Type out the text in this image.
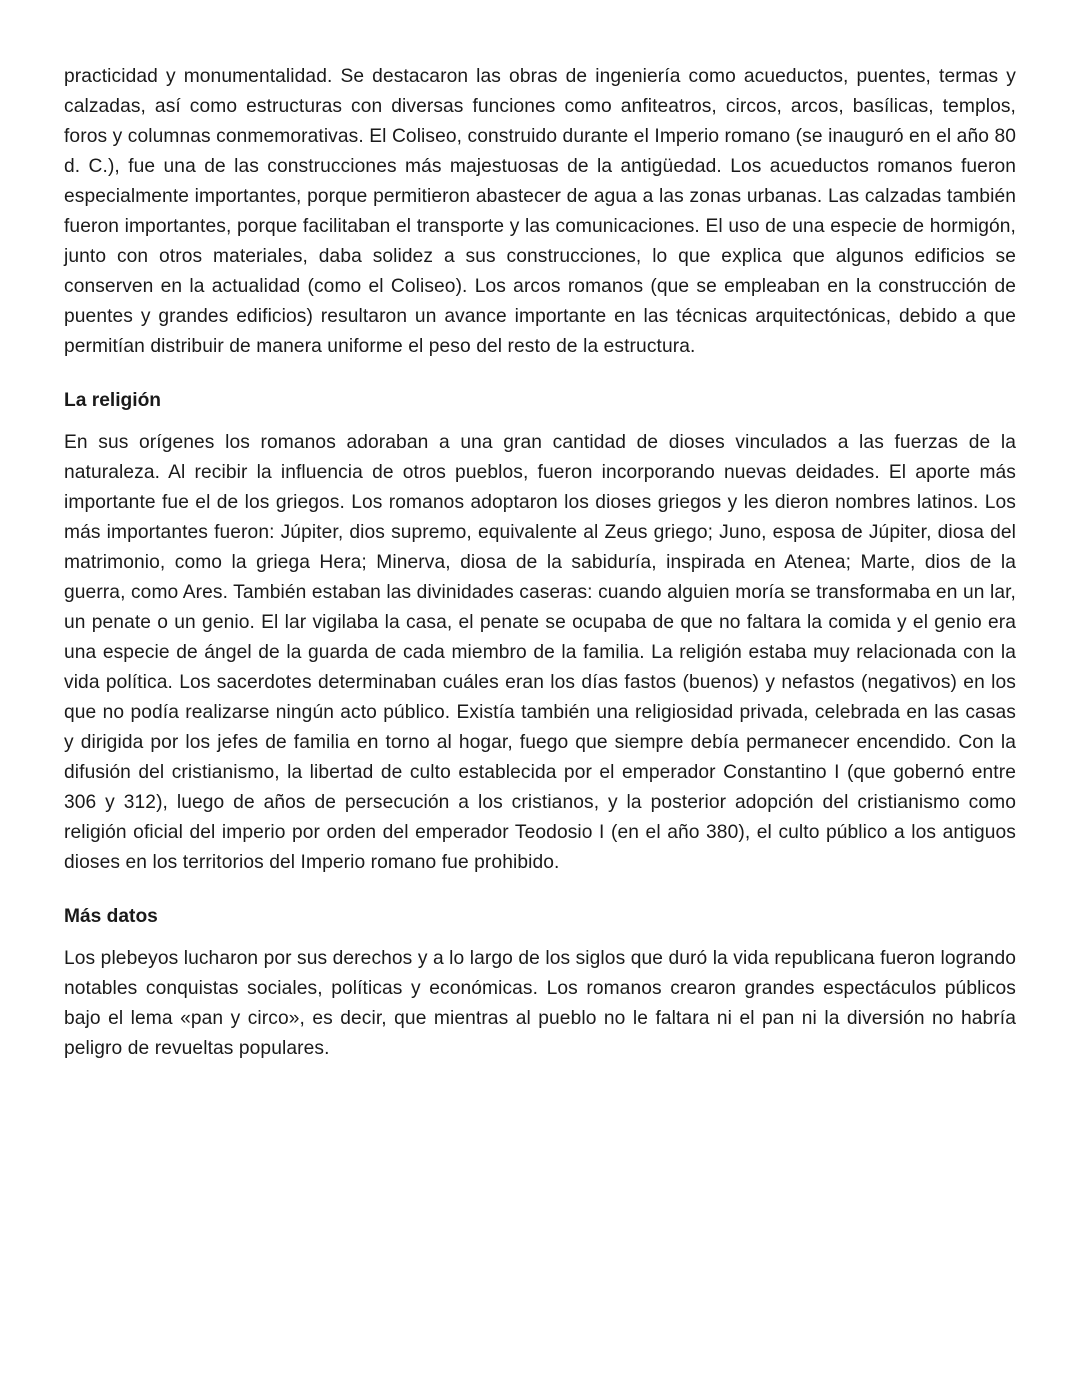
practicidad y monumentalidad. Se destacaron las obras de ingeniería como acueductos, puentes, termas y calzadas, así como estructuras con diversas funciones como anfiteatros, circos, arcos, basílicas, templos, foros y columnas conmemorativas. El Coliseo, construido durante el Imperio romano (se inauguró en el año 80 d. C.), fue una de las construcciones más majestuosas de la antigüedad. Los acueductos romanos fueron especialmente importantes, porque permitieron abastecer de agua a las zonas urbanas. Las calzadas también fueron importantes, porque facilitaban el transporte y las comunicaciones. El uso de una especie de hormigón, junto con otros materiales, daba solidez a sus construcciones, lo que explica que algunos edificios se conserven en la actualidad (como el Coliseo). Los arcos romanos (que se empleaban en la construcción de puentes y grandes edificios) resultaron un avance importante en las técnicas arquitectónicas, debido a que permitían distribuir de manera uniforme el peso del resto de la estructura.

La religión

En sus orígenes los romanos adoraban a una gran cantidad de dioses vinculados a las fuerzas de la naturaleza. Al recibir la influencia de otros pueblos, fueron incorporando nuevas deidades. El aporte más importante fue el de los griegos. Los romanos adoptaron los dioses griegos y les dieron nombres latinos. Los más importantes fueron: Júpiter, dios supremo, equivalente al Zeus griego; Juno, esposa de Júpiter, diosa del matrimonio, como la griega Hera; Minerva, diosa de la sabiduría, inspirada en Atenea; Marte, dios de la guerra, como Ares. También estaban las divinidades caseras: cuando alguien moría se transformaba en un lar, un penate o un genio. El lar vigilaba la casa, el penate se ocupaba de que no faltara la comida y el genio era una especie de ángel de la guarda de cada miembro de la familia. La religión estaba muy relacionada con la vida política. Los sacerdotes determinaban cuáles eran los días fastos (buenos) y nefastos (negativos) en los que no podía realizarse ningún acto público. Existía también una religiosidad privada, celebrada en las casas y dirigida por los jefes de familia en torno al hogar, fuego que siempre debía permanecer encendido. Con la difusión del cristianismo, la libertad de culto establecida por el emperador Constantino I (que gobernó entre 306 y 312), luego de años de persecución a los cristianos, y la posterior adopción del cristianismo como religión oficial del imperio por orden del emperador Teodosio I (en el año 380), el culto público a los antiguos dioses en los territorios del Imperio romano fue prohibido.

Más datos

Los plebeyos lucharon por sus derechos y a lo largo de los siglos que duró la vida republicana fueron logrando notables conquistas sociales, políticas y económicas. Los romanos crearon grandes espectáculos públicos bajo el lema «pan y circo», es decir, que mientras al pueblo no le faltara ni el pan ni la diversión no habría peligro de revueltas populares.
